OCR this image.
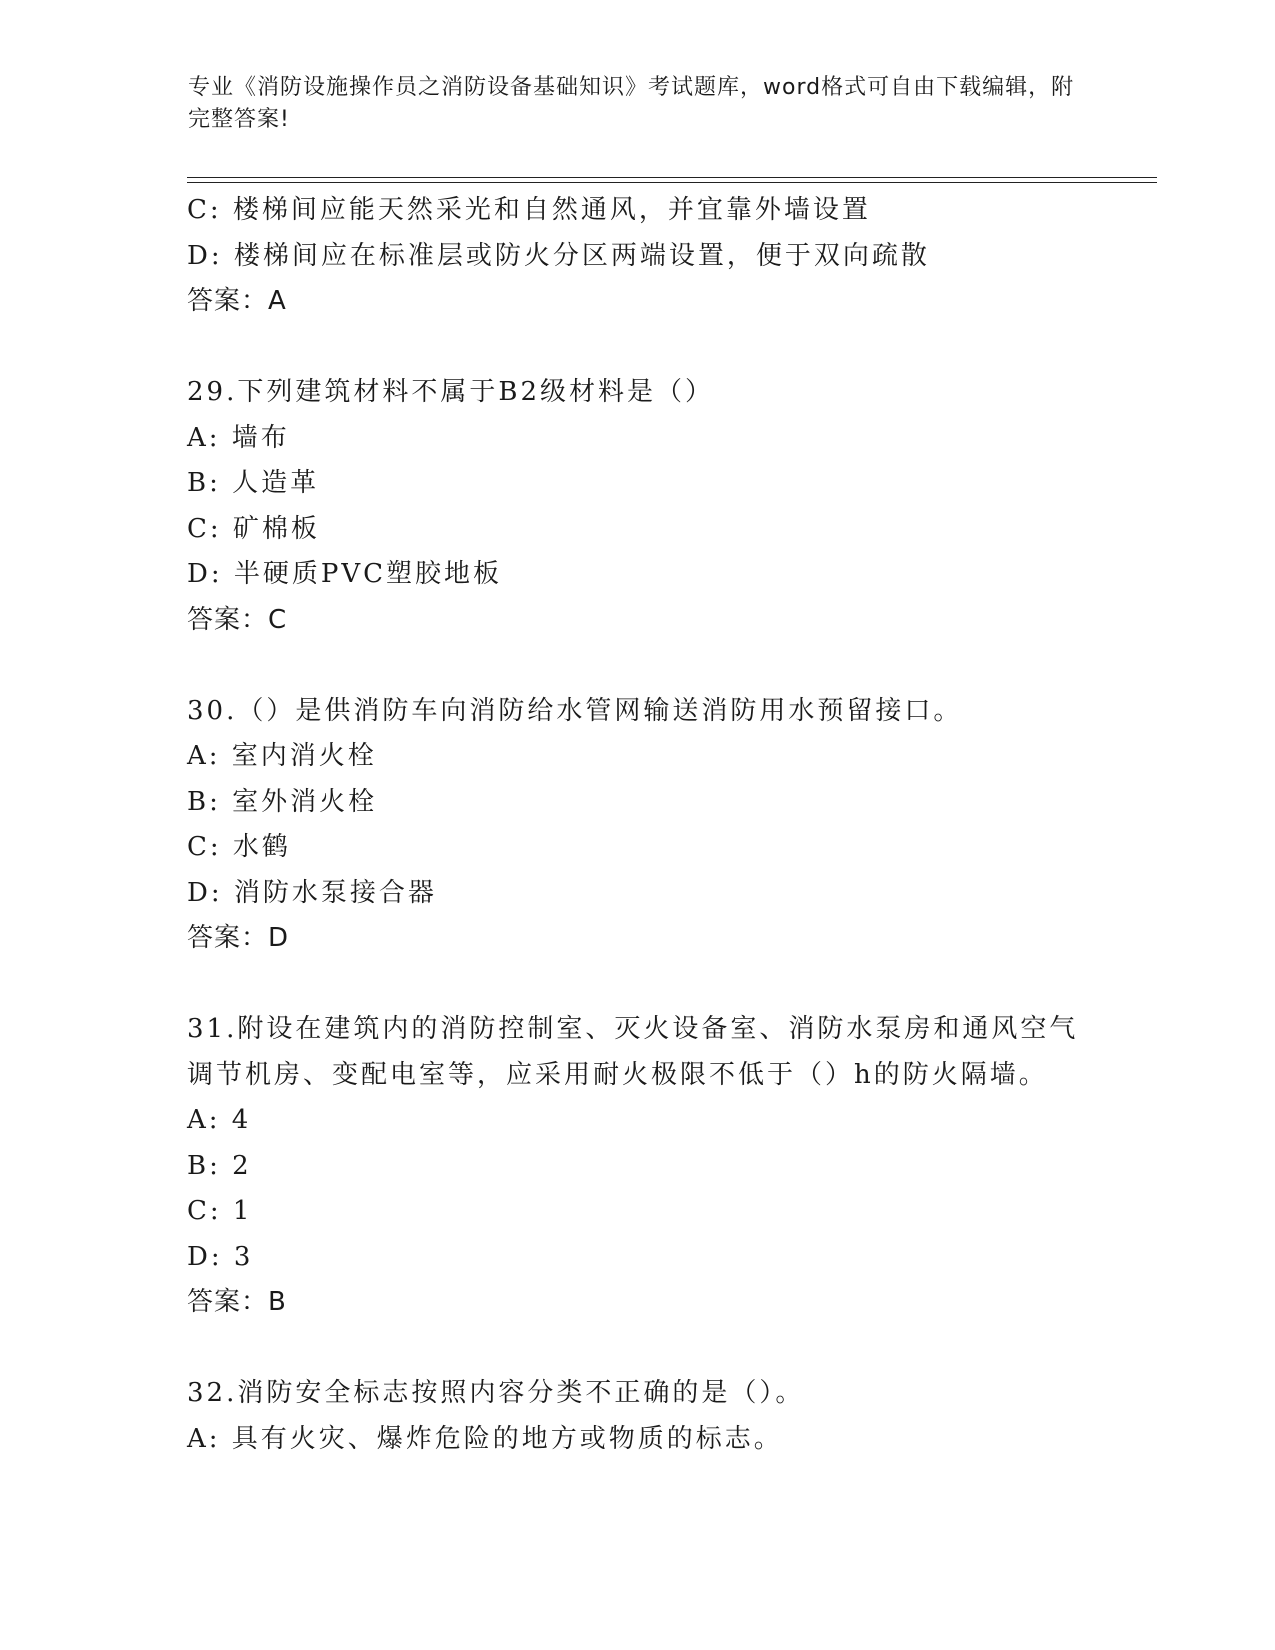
专业《消防设施操作员之消防设备基础知识》考试题库，word格式可自由下载编辑，附完整答案!
C: 楼梯间应能天然采光和自然通风，并宜靠外墙设置
D: 楼梯间应在标准层或防火分区两端设置，便于双向疏散
答案：A
29.下列建筑材料不属于B2级材料是（）
A: 墙布
B: 人造革
C: 矿棉板
D: 半硬质PVC塑胶地板
答案：C
30.（）是供消防车向消防给水管网输送消防用水预留接口。
A: 室内消火栓
B: 室外消火栓
C: 水鹤
D: 消防水泵接合器
答案：D
31.附设在建筑内的消防控制室、灭火设备室、消防水泵房和通风空气
调节机房、变配电室等，应采用耐火极限不低于（）h的防火隔墙。
A: 4
B: 2
C: 1
D: 3
答案：B
32.消防安全标志按照内容分类不正确的是（）。
A: 具有火灾、爆炸危险的地方或物质的标志。
